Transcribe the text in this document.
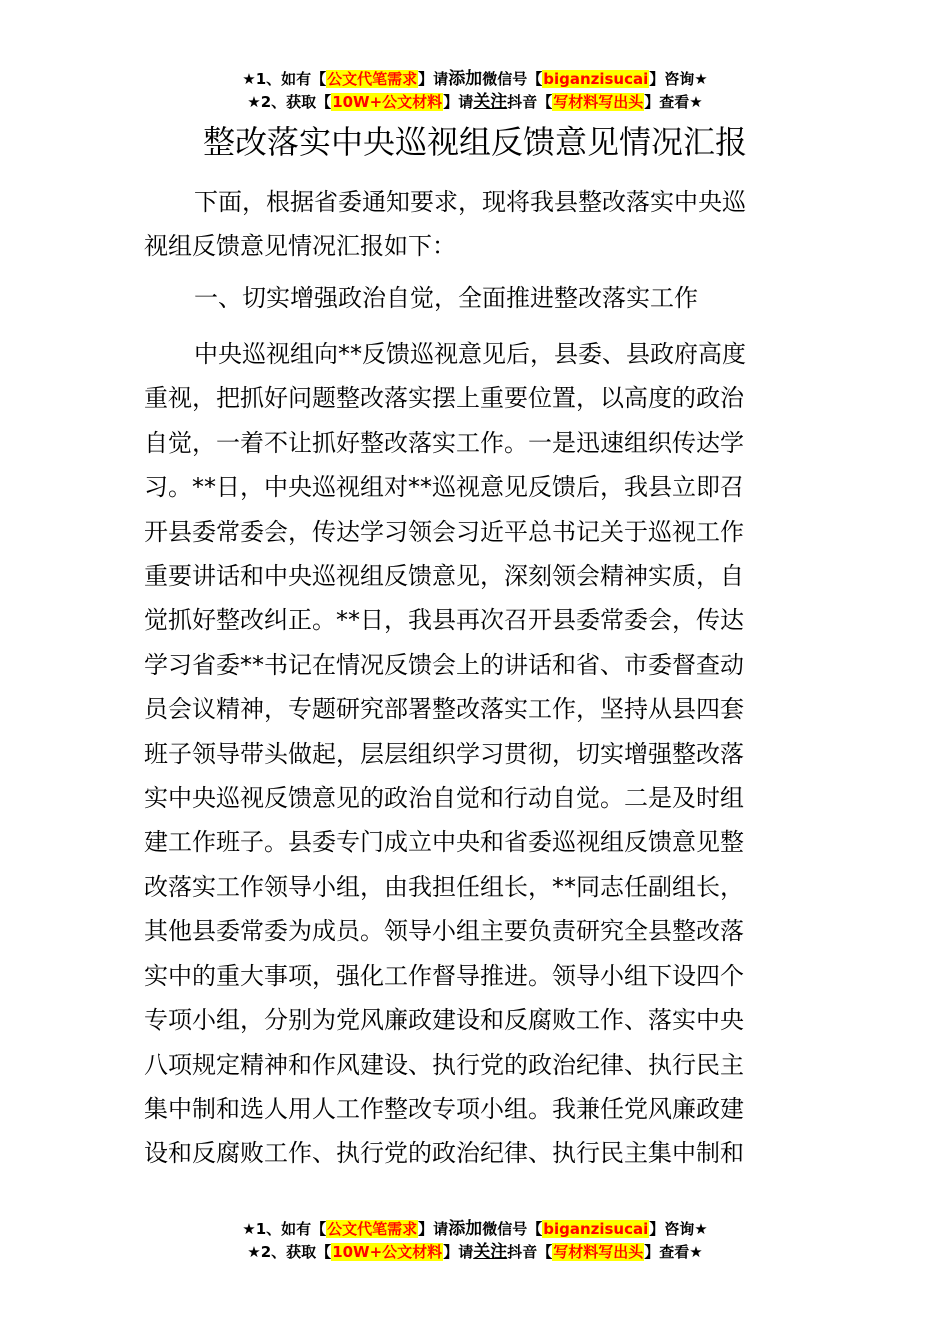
★1、如有【公文代笔需求】请添加微信号【biganzisucai】咨询★
★2、获取【10W+公文材料】请关注抖音【写材料写出头】查看★
整改落实中央巡视组反馈意见情况汇报
下面，根据省委通知要求，现将我县整改落实中央巡
视组反馈意见情况汇报如下：
一、切实增强政治自觉，全面推进整改落实工作
中央巡视组向**反馈巡视意见后，县委、县政府高度
重视，把抓好问题整改落实摆上重要位置，以高度的政治
自觉，一着不让抓好整改落实工作。一是迅速组织传达学
习。**日，中央巡视组对**巡视意见反馈后，我县立即召
开县委常委会，传达学习领会习近平总书记关于巡视工作
重要讲话和中央巡视组反馈意见，深刻领会精神实质，自
觉抓好整改纠正。**日，我县再次召开县委常委会，传达
学习省委**书记在情况反馈会上的讲话和省、市委督查动
员会议精神，专题研究部署整改落实工作，坚持从县四套
班子领导带头做起，层层组织学习贯彻，切实增强整改落
实中央巡视反馈意见的政治自觉和行动自觉。二是及时组
建工作班子。县委专门成立中央和省委巡视组反馈意见整
改落实工作领导小组，由我担任组长，**同志任副组长，
其他县委常委为成员。领导小组主要负责研究全县整改落
实中的重大事项，强化工作督导推进。领导小组下设四个
专项小组，分别为党风廉政建设和反腐败工作、落实中央
八项规定精神和作风建设、执行党的政治纪律、执行民主
集中制和选人用人工作整改专项小组。我兼任党风廉政建
设和反腐败工作、执行党的政治纪律、执行民主集中制和
★1、如有【公文代笔需求】请添加微信号【biganzisucai】咨询★
★2、获取【10W+公文材料】请关注抖音【写材料写出头】查看★
